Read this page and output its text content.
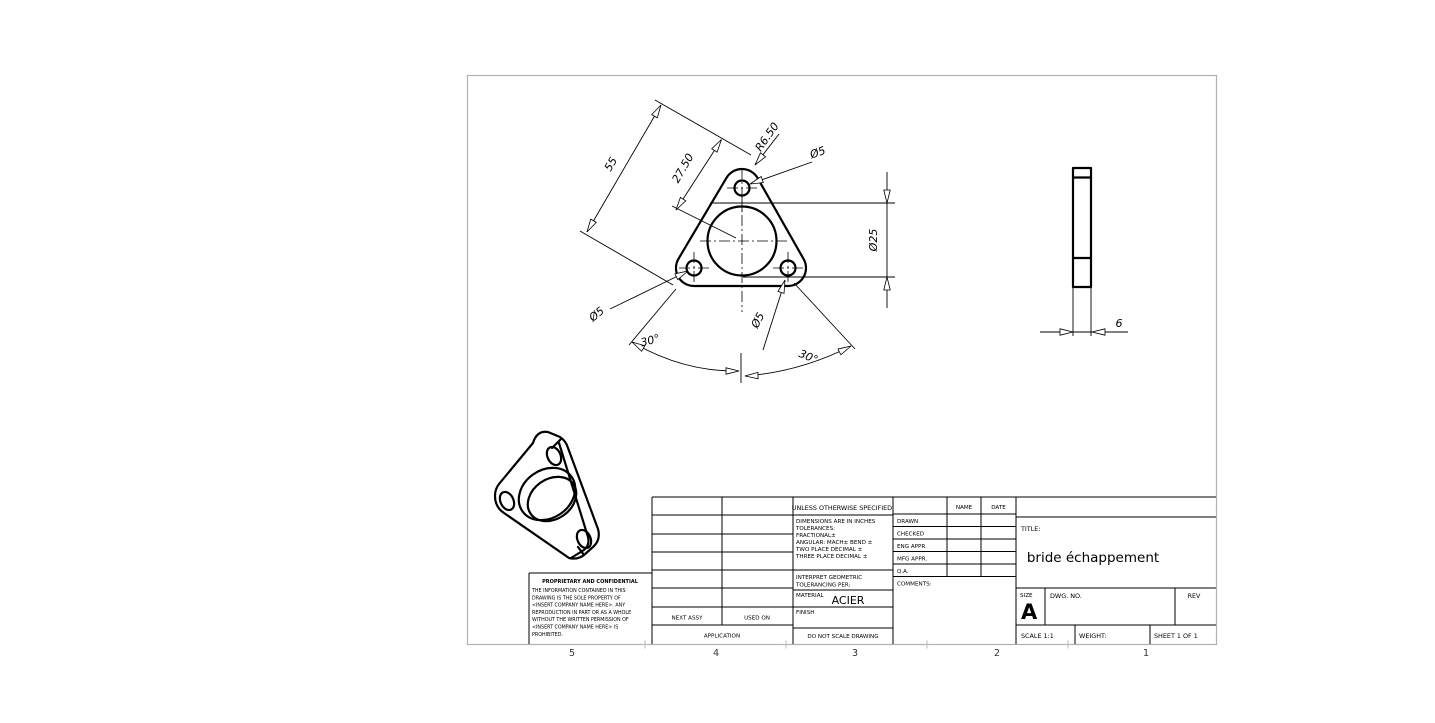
5	4	3	2	1
55	27.50
R6.50 Ø5
Ø25
Ø5	Ø5
30°
30°
6
UNLESS OTHERWISE SPECIFIED:
DIMENSIONS ARE IN INCHES
TOLERANCES:
FRACTIONAL±
ANGULAR: MACH± BEND ±
TWO PLACE DECIMAL ±
THREE PLACE DECIMAL ±
INTERPRET GEOMETRIC
TOLERANCING PER:
MATERIAL ACIER
FINISH
DO NOT SCALE DRAWING
NAME	DATE
DRAWN
CHECKED
ENG APPR.
MFG APPR.
Q.A.
COMMENTS:
TITLE:
bride échappement
SIZE
A
DWG. NO.	REV
SCALE 1:1	WEIGHT:	SHEET 1 OF 1
NEXT ASSY	USED ON
APPLICATION
PROPRIETARY AND CONFIDENTIAL
THE INFORMATION CONTAINED IN THIS
DRAWING IS THE SOLE PROPERTY OF
<INSERT COMPANY NAME HERE>. ANY
REPRODUCTION IN PART OR AS A WHOLE
WITHOUT THE WRITTEN PERMISSION OF
<INSERT COMPANY NAME HERE> IS
PROHIBITED.
